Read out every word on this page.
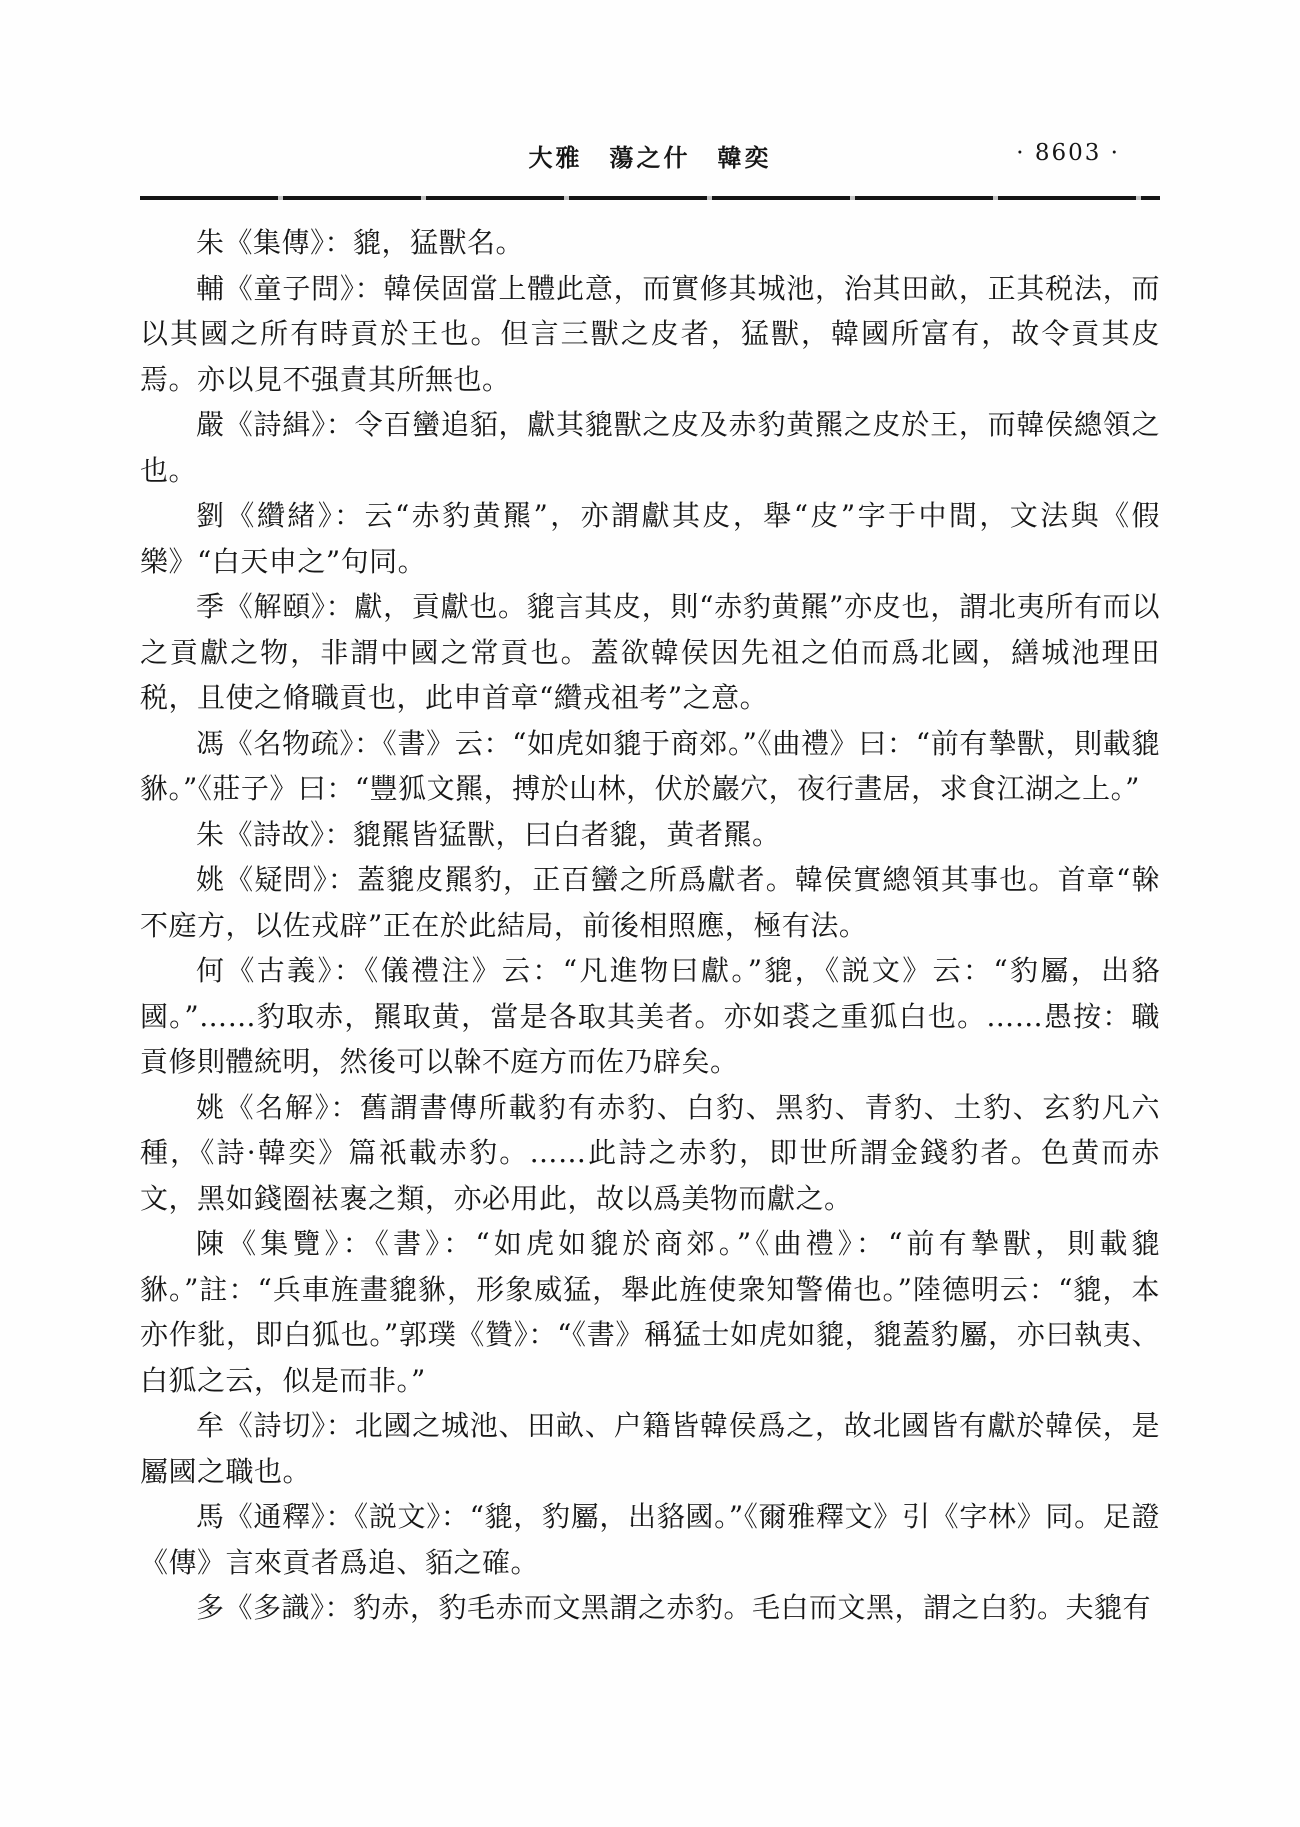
大雅　蕩之什　韓奕	· 8603 ·

朱《集傳》：貔，猛獸名。

輔《童子問》：韓侯固當上體此意，而實修其城池，治其田畝，正其税法，而以其國之所有時貢於王也。但言三獸之皮者，猛獸，韓國所富有，故令貢其皮焉。亦以見不强責其所無也。

嚴《詩緝》：令百蠻追貊，獻其貔獸之皮及赤豹黄羆之皮於王，而韓侯總領之也。

劉《纘緒》：云“赤豹黄羆”，亦謂獻其皮，舉“皮”字于中間，文法與《假樂》“白天申之”句同。

季《解頤》：獻，貢獻也。貔言其皮，則“赤豹黄羆”亦皮也，謂北夷所有而以之貢獻之物，非謂中國之常貢也。蓋欲韓侯因先祖之伯而爲北國，繕城池理田税，且使之脩職貢也，此申首章“纘戎祖考”之意。

馮《名物疏》：《書》云：“如虎如貔于商郊。”《曲禮》曰：“前有摯獸，則載貔貅。”《莊子》曰：“豐狐文羆，搏於山林，伏於巖穴，夜行晝居，求食江湖之上。”

朱《詩故》：貔羆皆猛獸，曰白者貔，黄者羆。

姚《疑問》：蓋貔皮羆豹，正百蠻之所爲獻者。韓侯實總領其事也。首章“榦不庭方，以佐戎辟”正在於此結局，前後相照應，極有法。

何《古義》：《儀禮注》云：“凡進物曰獻。”貔，《説文》云：“豹屬，出貉國。”……豹取赤，羆取黄，當是各取其美者。亦如裘之重狐白也。……愚按：職貢修則體統明，然後可以榦不庭方而佐乃辟矣。

姚《名解》：舊謂書傳所載豹有赤豹、白豹、黑豹、青豹、土豹、玄豹凡六種，《詩·韓奕》篇祇載赤豹。……此詩之赤豹，即世所謂金錢豹者。色黄而赤文，黑如錢圈袪褢之類，亦必用此，故以爲美物而獻之。

陳《集覽》：《書》：“如虎如貔於商郊。”《曲禮》：“前有摯獸，則載貔貅。”註：“兵車旌畫貔貅，形象威猛，舉此旌使衆知警備也。”陸德明云：“貔，本亦作豼，即白狐也。”郭璞《贊》：“《書》稱猛士如虎如貔，貔蓋豹屬，亦曰執夷、白狐之云，似是而非。”

牟《詩切》：北國之城池、田畝、户籍皆韓侯爲之，故北國皆有獻於韓侯，是屬國之職也。

馬《通釋》：《説文》：“貔，豹屬，出貉國。”《爾雅釋文》引《字林》同。足證《傳》言來貢者爲追、貊之確。

多《多識》：豹赤，豹毛赤而文黑謂之赤豹。毛白而文黑，謂之白豹。夫貔有
